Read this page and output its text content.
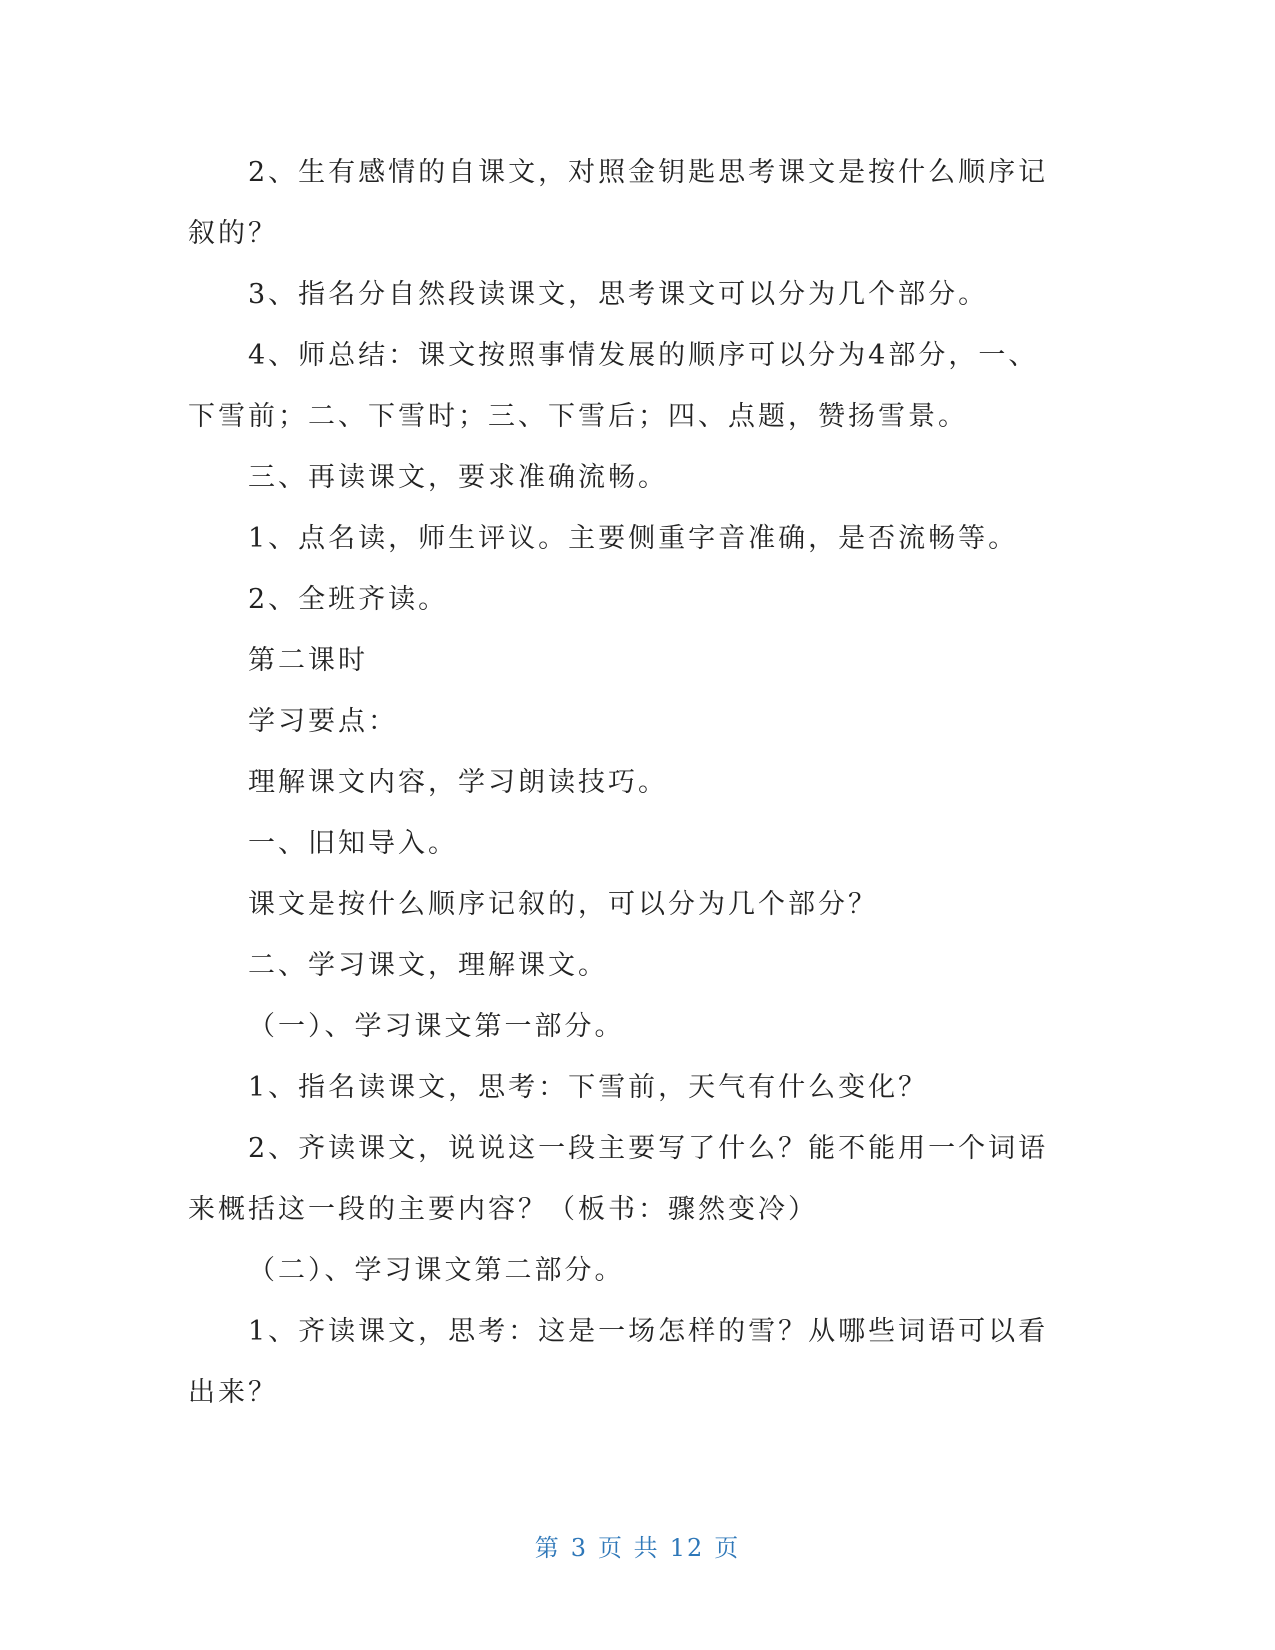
2、生有感情的自课文，对照金钥匙思考课文是按什么顺序记叙的？

3、指名分自然段读课文，思考课文可以分为几个部分。

4、师总结：课文按照事情发展的顺序可以分为4部分，一、下雪前；二、下雪时；三、下雪后；四、点题，赞扬雪景。

三、再读课文，要求准确流畅。

1、点名读，师生评议。主要侧重字音准确，是否流畅等。

2、全班齐读。

第二课时

学习要点：

理解课文内容，学习朗读技巧。

一、旧知导入。

课文是按什么顺序记叙的，可以分为几个部分？

二、学习课文，理解课文。

（一）、学习课文第一部分。

1、指名读课文，思考：下雪前，天气有什么变化？

2、齐读课文，说说这一段主要写了什么？能不能用一个词语来概括这一段的主要内容？（板书：骤然变冷）

（二）、学习课文第二部分。

1、齐读课文，思考：这是一场怎样的雪？从哪些词语可以看出来？

第 3 页 共 12 页
